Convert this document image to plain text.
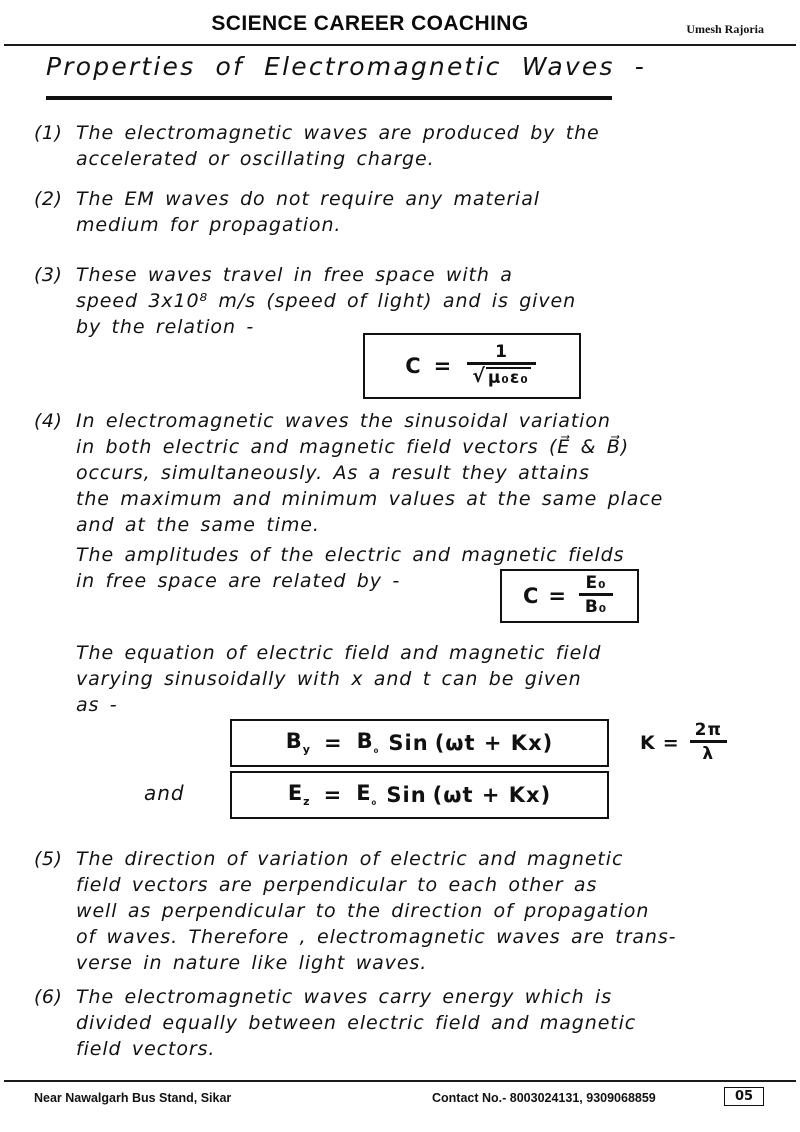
SCIENCE CAREER COACHING	Umesh Rajoria
Properties of Electromagnetic Waves -
(1) The electromagnetic waves are produced by the
accelerated or oscillating charge.
(2) The EM waves do not require any material
medium for propagation.
(3) These waves travel in free space with a
speed 3x10⁸ m/s (speed of light) and is given
by the relation -
$C = \frac{1}{\text{√ μ₀ε₀}}$
(4) In electromagnetic waves the sinusoidal variation
in both electric and magnetic field vectors (E⃗ & B⃗)
occurs, simultaneously. As a result they attains
the maximum and minimum values at the same place
and at the same time.
The amplitudes of the electric and magnetic fields
in free space are related by -
$C = \frac{\text{E₀}}{\text{B₀}}$
The equation of electric field and magnetic field
varying sinusoidally with x and t can be given
as -
$B_y = B_{_0}$ Sin (ωt + Kx)	$K = \frac{2\pi}{\lambda}$
and	$E_z = E_{_0}$ Sin (ωt + Kx)
(5) The direction of variation of electric and magnetic
field vectors are perpendicular to each other as
well as perpendicular to the direction of propagation
of waves. Therefore , electromagnetic waves are trans-
verse in nature like light waves.
(6) The electromagnetic waves carry energy which is
divided equally between electric field and magnetic
field vectors.
Near Nawalgarh Bus Stand, Sikar	Contact No.- 8003024131, 9309068859	05
